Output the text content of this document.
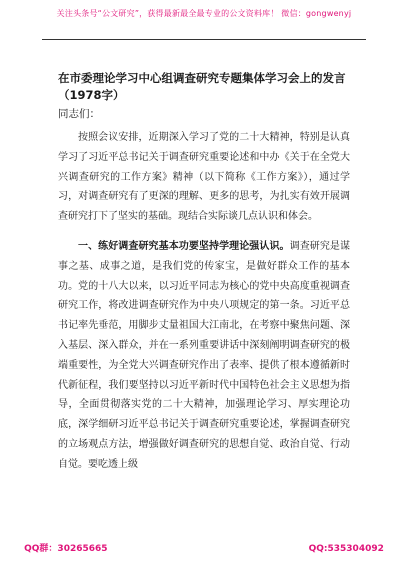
关注头条号“公文研究”，获得最新最全最专业的公文资料库！ 微信：gongwenyj
在市委理论学习中心组调查研究专题集体学习会上的发言（1978字）
同志们：

按照会议安排，近期深入学习了党的二十大精神，特别是认真学习了习近平总书记关于调查研究重要论述和中办《关于在全党大兴调查研究的工作方案》精神（以下简称《工作方案》），通过学习，对调查研究有了更深的理解、更多的思考，为扎实有效开展调查研究打下了坚实的基础。现结合实际谈几点认识和体会。

一、练好调查研究基本功要坚持学理论强认识。调查研究是谋事之基、成事之道，是我们党的传家宝，是做好群众工作的基本功。党的十八大以来，以习近平同志为核心的党中央高度重视调查研究工作，将改进调查研究作为中央八项规定的第一条。习近平总书记率先垂范，用脚步丈量祖国大江南北，在考察中聚焦问题、深入基层、深入群众，并在一系列重要讲话中深刻阐明调查研究的极端重要性，为全党大兴调查研究作出了表率、提供了根本遵循新时代新征程，我们要坚持以习近平新时代中国特色社会主义思想为指导，全面贯彻落实党的二十大精神，加强理论学习、厚实理论功底，深学细研习近平总书记关于调查研究重要论述，掌握调查研究的立场观点方法，增强做好调查研究的思想自觉、政治自觉、行动自觉。要吃透上级

QQ群：30265665	QQ:535304092
